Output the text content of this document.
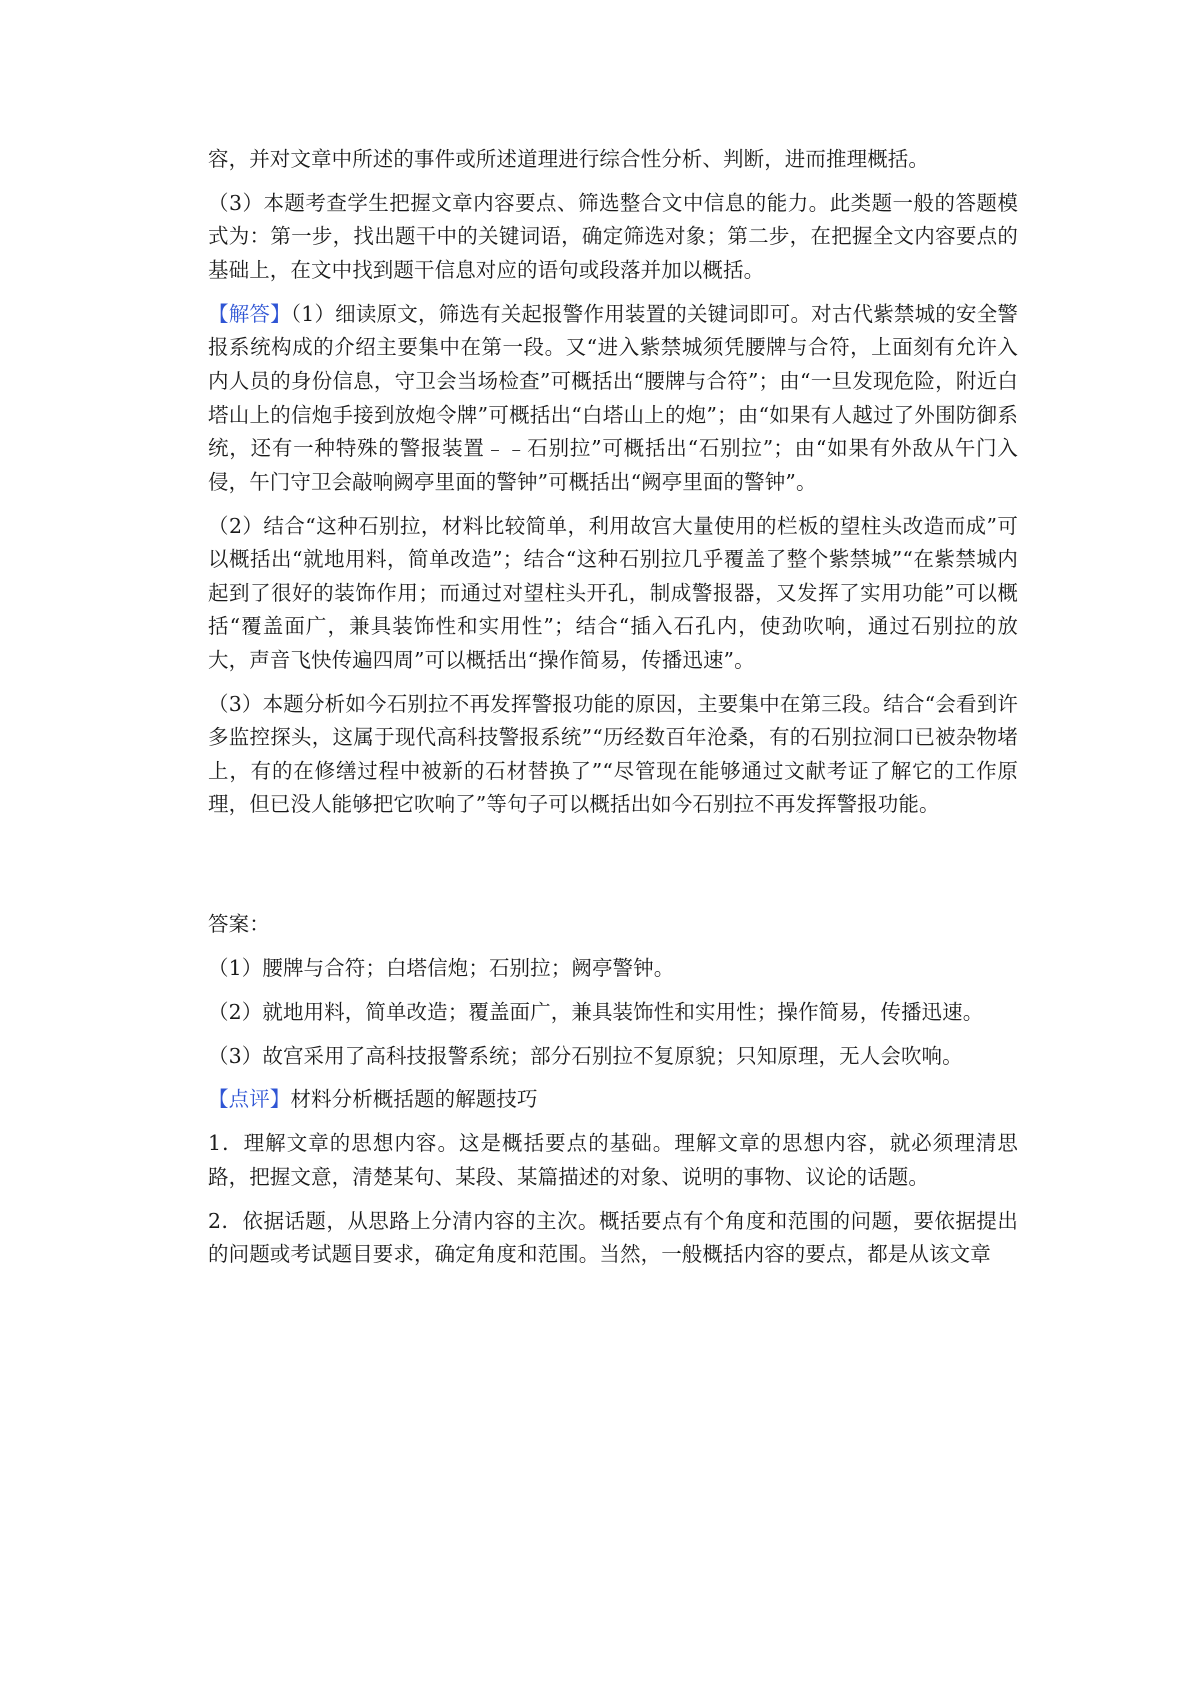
容，并对文章中所述的事件或所述道理进行综合性分析、判断，进而推理概括。

（3）本题考查学生把握文章内容要点、筛选整合文中信息的能力。此类题一般的答题模式为：第一步，找出题干中的关键词语，确定筛选对象；第二步，在把握全文内容要点的基础上，在文中找到题干信息对应的语句或段落并加以概括。

【解答】（1）细读原文，筛选有关起报警作用装置的关键词即可。对古代紫禁城的安全警报系统构成的介绍主要集中在第一段。又“进入紫禁城须凭腰牌与合符，上面刻有允许入内人员的身份信息，守卫会当场检查”可概括出“腰牌与合符”；由“一旦发现危险，附近白塔山上的信炮手接到放炮令牌”可概括出“白塔山上的炮”；由“如果有人越过了外围防御系统，还有一种特殊的警报装置﹣﹣石别拉”可概括出“石别拉”；由“如果有外敌从午门入侵，午门守卫会敲响阙亭里面的警钟”可概括出“阙亭里面的警钟”。

（2）结合“这种石别拉，材料比较简单，利用故宫大量使用的栏板的望柱头改造而成”可以概括出“就地用料，简单改造”；结合“这种石别拉几乎覆盖了整个紫禁城”“在紫禁城内起到了很好的装饰作用；而通过对望柱头开孔，制成警报器，又发挥了实用功能”可以概括“覆盖面广，兼具装饰性和实用性”；结合“插入石孔内，使劲吹响，通过石别拉的放大，声音飞快传遍四周”可以概括出“操作简易，传播迅速”。

（3）本题分析如今石别拉不再发挥警报功能的原因，主要集中在第三段。结合“会看到许多监控探头，这属于现代高科技警报系统”“历经数百年沧桑，有的石别拉洞口已被杂物堵上，有的在修缮过程中被新的石材替换了”“尽管现在能够通过文献考证了解它的工作原理，但已没人能够把它吹响了”等句子可以概括出如今石别拉不再发挥警报功能。

答案：

（1）腰牌与合符；白塔信炮；石别拉；阙亭警钟。

（2）就地用料，简单改造；覆盖面广，兼具装饰性和实用性；操作简易，传播迅速。

（3）故宫采用了高科技报警系统；部分石别拉不复原貌；只知原理，无人会吹响。

【点评】材料分析概括题的解题技巧

1．理解文章的思想内容。这是概括要点的基础。理解文章的思想内容，就必须理清思路，把握文意，清楚某句、某段、某篇描述的对象、说明的事物、议论的话题。

2．依据话题，从思路上分清内容的主次。概括要点有个角度和范围的问题，要依据提出的问题或考试题目要求，确定角度和范围。当然，一般概括内容的要点，都是从该文章
